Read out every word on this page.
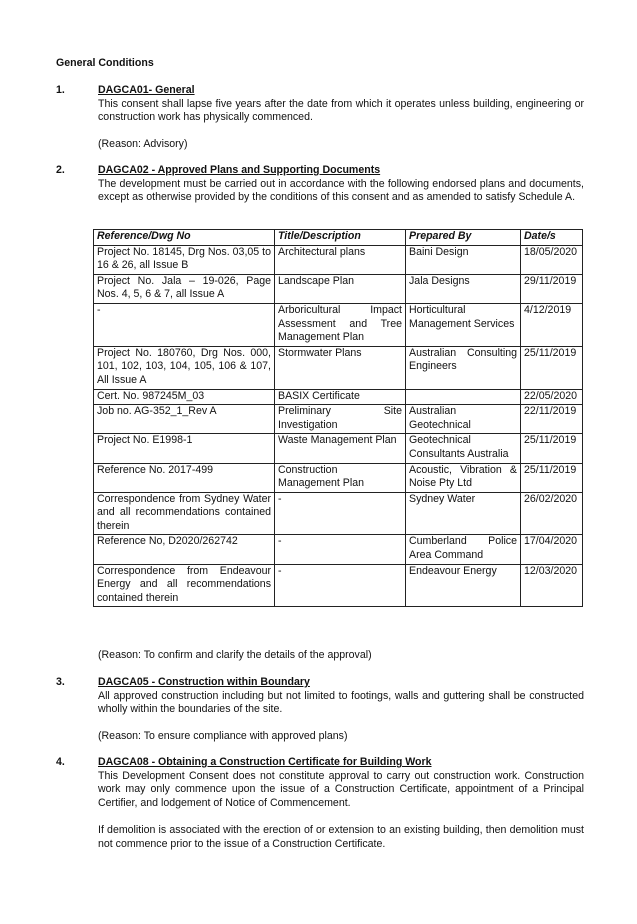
General Conditions
1.	DAGCA01- General
This consent shall lapse five years after the date from which it operates unless building, engineering or construction work has physically commenced.
(Reason: Advisory)
2.	DAGCA02 - Approved Plans and Supporting Documents
The development must be carried out in accordance with the following endorsed plans and documents, except as otherwise provided by the conditions of this consent and as amended to satisfy Schedule A.
Reference/Dwg No	Title/Description	Prepared By	Date/s
Project No. 18145, Drg Nos. 03,05 to 16 & 26, all Issue B	Architectural plans	Baini Design	18/05/2020
Project No. Jala – 19-026, Page Nos. 4, 5, 6 & 7, all Issue A	Landscape Plan	Jala Designs	29/11/2019
-	Arboricultural Impact Assessment and Tree Management Plan	Horticultural Management Services	4/12/2019
Project No. 180760, Drg Nos. 000, 101, 102, 103, 104, 105, 106 & 107, All Issue A	Stormwater Plans	Australian Consulting Engineers	25/11/2019
Cert. No. 987245M_03	BASIX Certificate		22/05/2020
Job no. AG-352_1_Rev A	Preliminary Site Investigation	Australian Geotechnical	22/11/2019
Project No. E1998-1	Waste Management Plan	Geotechnical Consultants Australia	25/11/2019
Reference No. 2017-499	Construction Management Plan	Acoustic, Vibration & Noise Pty Ltd	25/11/2019
Correspondence from Sydney Water and all recommendations contained therein	-	Sydney Water	26/02/2020
Reference No, D2020/262742	-	Cumberland Police Area Command	17/04/2020
Correspondence from Endeavour Energy and all recommendations contained therein	-	Endeavour Energy	12/03/2020
(Reason: To confirm and clarify the details of the approval)
3.	DAGCA05 - Construction within Boundary
All approved construction including but not limited to footings, walls and guttering shall be constructed wholly within the boundaries of the site.
(Reason: To ensure compliance with approved plans)
4.	DAGCA08 - Obtaining a Construction Certificate for Building Work
This Development Consent does not constitute approval to carry out construction work. Construction work may only commence upon the issue of a Construction Certificate, appointment of a Principal Certifier, and lodgement of Notice of Commencement.
If demolition is associated with the erection of or extension to an existing building, then demolition must not commence prior to the issue of a Construction Certificate.
